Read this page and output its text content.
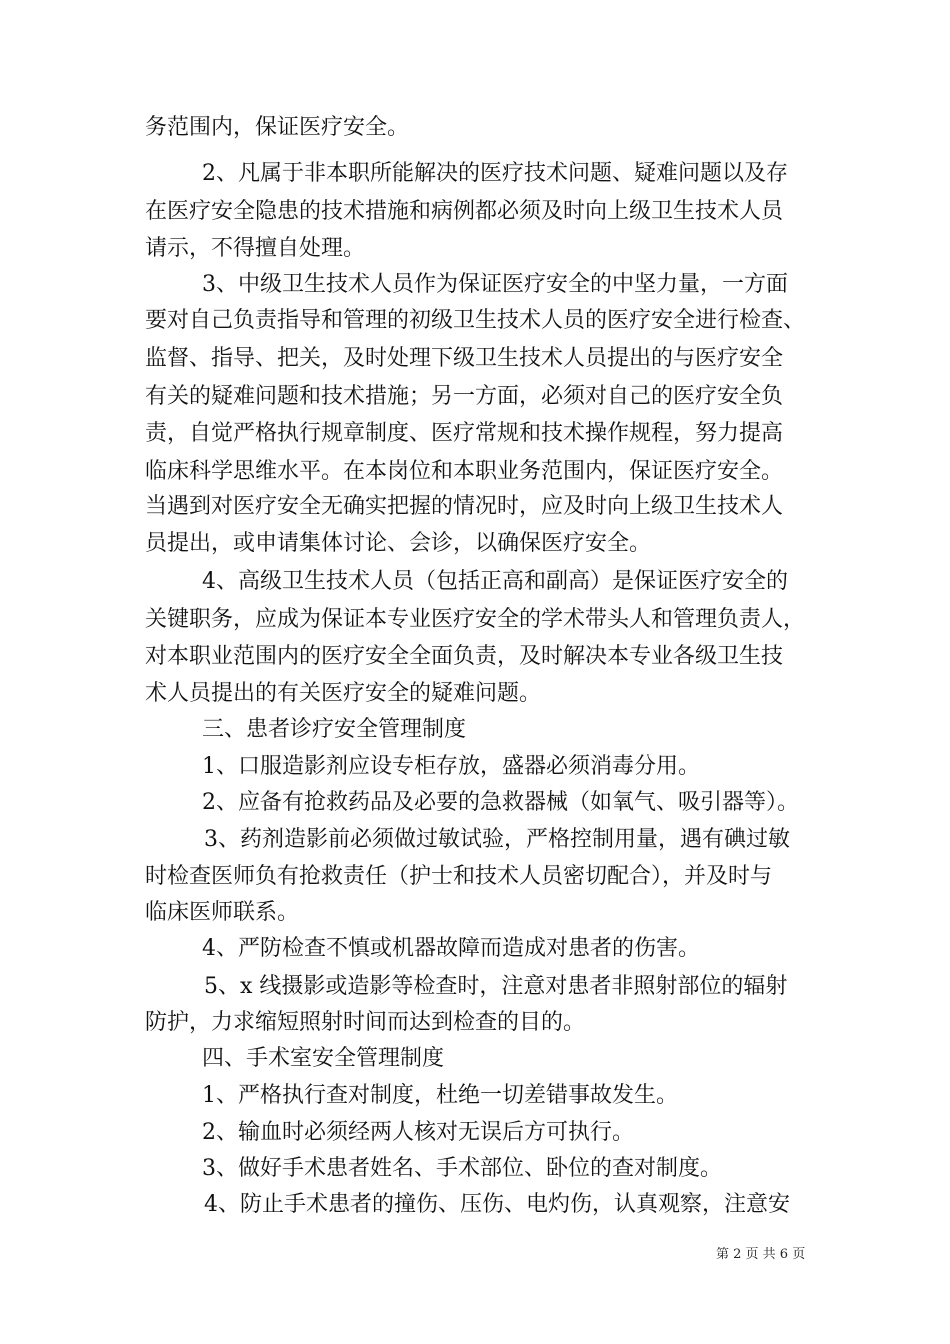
务范围内，保证医疗安全。
2、凡属于非本职所能解决的医疗技术问题、疑难问题以及存
在医疗安全隐患的技术措施和病例都必须及时向上级卫生技术人员
请示，不得擅自处理。
3、中级卫生技术人员作为保证医疗安全的中坚力量，一方面
要对自己负责指导和管理的初级卫生技术人员的医疗安全进行检查、
监督、指导、把关，及时处理下级卫生技术人员提出的与医疗安全
有关的疑难问题和技术措施；另一方面，必须对自己的医疗安全负
责，自觉严格执行规章制度、医疗常规和技术操作规程，努力提高
临床科学思维水平。在本岗位和本职业务范围内，保证医疗安全。
当遇到对医疗安全无确实把握的情况时，应及时向上级卫生技术人
员提出，或申请集体讨论、会诊，以确保医疗安全。
4、高级卫生技术人员（包括正高和副高）是保证医疗安全的
关键职务，应成为保证本专业医疗安全的学术带头人和管理负责人，
对本职业范围内的医疗安全全面负责，及时解决本专业各级卫生技
术人员提出的有关医疗安全的疑难问题。
三、患者诊疗安全管理制度
1、口服造影剂应设专柜存放，盛器必须消毒分用。
2、应备有抢救药品及必要的急救器械（如氧气、吸引器等）。
3、药剂造影前必须做过敏试验，严格控制用量，遇有碘过敏
时检查医师负有抢救责任（护士和技术人员密切配合），并及时与
临床医师联系。
4、严防检查不慎或机器故障而造成对患者的伤害。
5、x 线摄影或造影等检查时，注意对患者非照射部位的辐射
防护，力求缩短照射时间而达到检查的目的。
四、手术室安全管理制度
1、严格执行查对制度，杜绝一切差错事故发生。
2、输血时必须经两人核对无误后方可执行。
3、做好手术患者姓名、手术部位、卧位的查对制度。
4、防止手术患者的撞伤、压伤、电灼伤，认真观察，注意安
第 2 页 共 6 页
